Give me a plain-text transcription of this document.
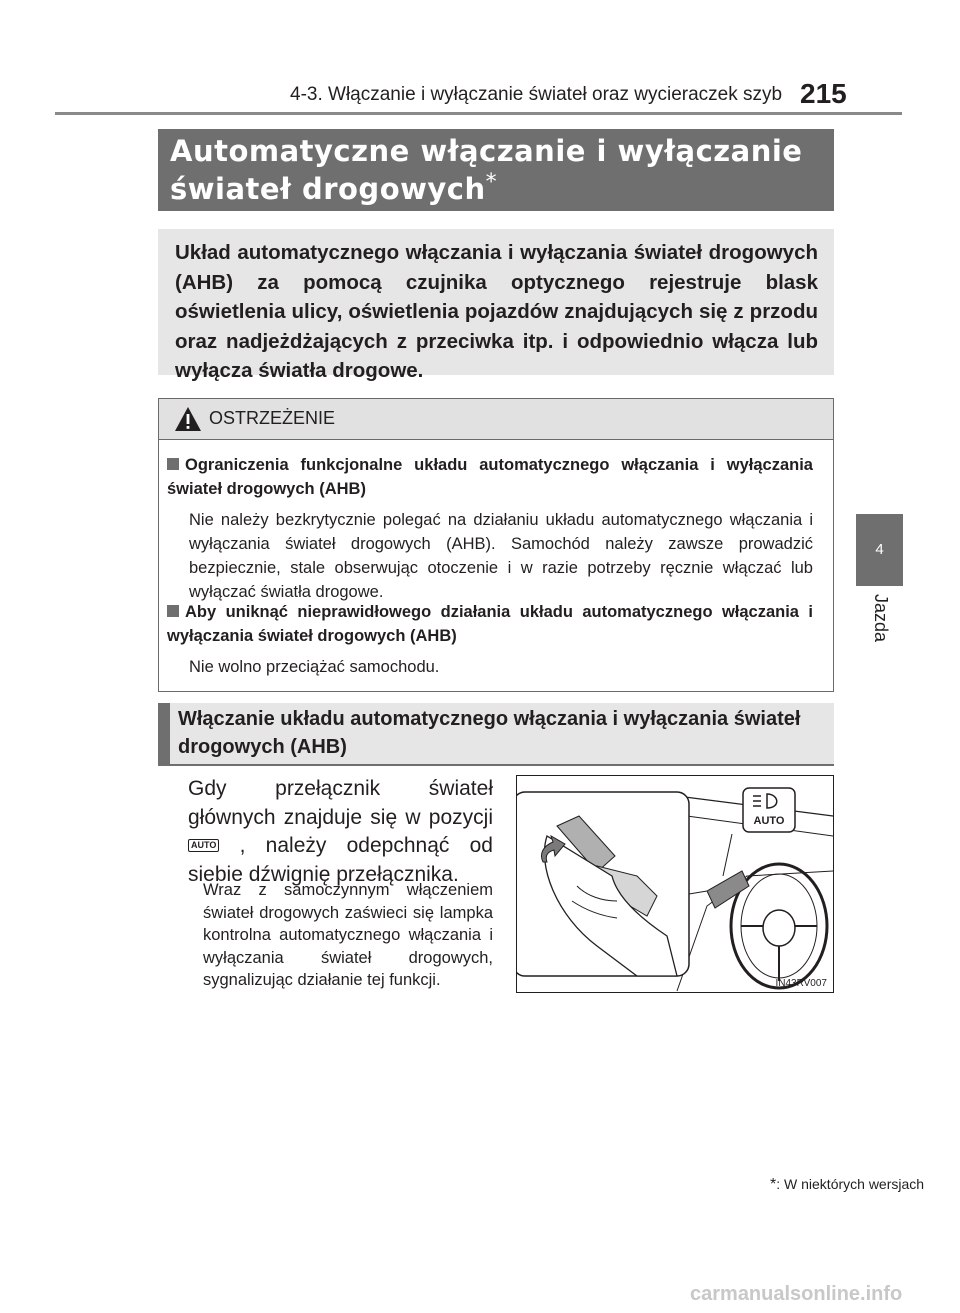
4-3. Włączanie i wyłączanie świateł oraz wycieraczek szyb 215
4
Jazda
Automatyczne włączanie i wyłączanie
świateł drogowych*
Układ automatycznego włączania i wyłączania świateł drogowych (AHB) za pomocą czujnika optycznego rejestruje blask oświetlenia ulicy, oświetlenia pojazdów znajdujących się z przodu oraz nadjeżdżających z przeciwka itp. i odpowiednio włącza lub wyłącza światła drogowe.
OSTRZEŻENIE
Ograniczenia funkcjonalne układu automatycznego włączania i wyłączania świateł drogowych (AHB)
Nie należy bezkrytycznie polegać na działaniu układu automatycznego włączania i wyłączania świateł drogowych (AHB). Samochód należy zawsze prowadzić bezpiecznie, stale obserwując otoczenie i w razie potrzeby ręcznie włączać lub wyłączać światła drogowe.
Aby uniknąć nieprawidłowego działania układu automatycznego włączania i wyłączania świateł drogowych (AHB)
Nie wolno przeciążać samochodu.
Włączanie układu automatycznego włączania i wyłączania świateł drogowych (AHB)
Gdy przełącznik świateł głównych znajduje się w pozycji AUTO , należy odepchnąć od siebie dźwignię przełącznika.
Wraz z samoczynnym włączeniem świateł drogowych zaświeci się lampka kontrolna automatycznego włączania i wyłączania świateł drogowych, sygnalizując działanie tej funkcji.
AUTO
IN43RV007
*: W niektórych wersjach
carmanualsonline.info
